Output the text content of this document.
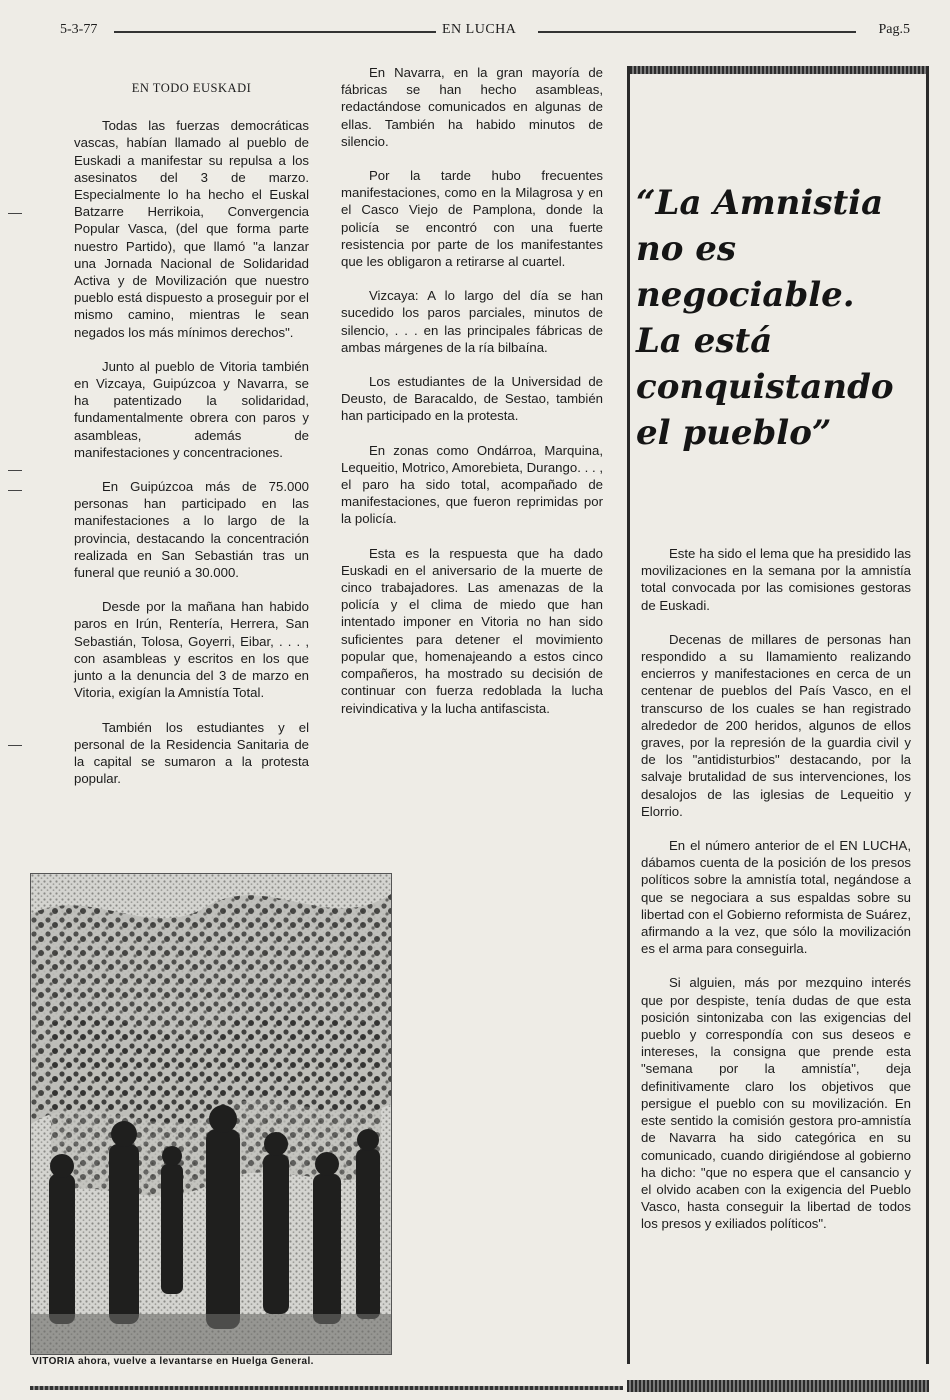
5-3-77	EN LUCHA	Pag.5
EN TODO EUSKADI

Todas las fuerzas democráticas vascas, habían llamado al pueblo de Euskadi a manifestar su repulsa a los asesinatos del 3 de marzo. Especialmente lo ha hecho el Euskal Batzarre Herrikoia, Convergencia Popular Vasca, (del que forma parte nuestro Partido), que llamó "a lanzar una Jornada Nacional de Solidaridad Activa y de Movilización que nuestro pueblo está dispuesto a proseguir por el mismo camino, mientras le sean negados los más mínimos derechos".

Junto al pueblo de Vitoria también en Vizcaya, Guipúzcoa y Navarra, se ha patentizado la solidaridad, fundamentalmente obrera con paros y asambleas, además de manifestaciones y concentraciones.

En Guipúzcoa más de 75.000 personas han participado en las manifestaciones a lo largo de la provincia, destacando la concentración realizada en San Sebastián tras un funeral que reunió a 30.000.

Desde por la mañana han habido paros en Irún, Rentería, Herrera, San Sebastián, Tolosa, Goyerri, Eibar, . . . , con asambleas y escritos en los que junto a la denuncia del 3 de marzo en Vitoria, exigían la Amnistía Total.

También los estudiantes y el personal de la Residencia Sanitaria de la capital se sumaron a la protesta popular.

En Navarra, en la gran mayoría de fábricas se han hecho asambleas, redactándose comunicados en algunas de ellas. También ha habido minutos de silencio.

Por la tarde hubo frecuentes manifestaciones, como en la Milagrosa y en el Casco Viejo de Pamplona, donde la policía se encontró con una fuerte resistencia por parte de los manifestantes que les obligaron a retirarse al cuartel.

Vizcaya: A lo largo del día se han sucedido los paros parciales, minutos de silencio, . . . en las principales fábricas de ambas márgenes de la ría bilbaína.

Los estudiantes de la Universidad de Deusto, de Baracaldo, de Sestao, también han participado en la protesta.

En zonas como Ondárroa, Marquina, Lequeitio, Motrico, Amorebieta, Durango. . . , el paro ha sido total, acompañado de manifestaciones, que fueron reprimidas por la policía.

Esta es la respuesta que ha dado Euskadi en el aniversario de la muerte de cinco trabajadores. Las amenazas de la policía y el clima de miedo que han intentado imponer en Vitoria no han sido suficientes para detener el movimiento popular que, homenajeando a estos cinco compañeros, ha mostrado su decisión de continuar con fuerza redoblada la lucha reivindicativa y la lucha antifascista.

“La Amnistia
no es
negociable.
La está
conquistando
el pueblo”

Este ha sido el lema que ha presidido las movilizaciones en la semana por la amnistía total convocada por las comisiones gestoras de Euskadi.

Decenas de millares de personas han respondido a su llamamiento realizando encierros y manifestaciones en cerca de un centenar de pueblos del País Vasco, en el transcurso de los cuales se han registrado alrededor de 200 heridos, algunos de ellos graves, por la represión de la guardia civil y de los "antidisturbios" destacando, por la salvaje brutalidad de sus intervenciones, los desalojos de las iglesias de Lequeitio y Elorrio.

En el número anterior de el EN LUCHA, dábamos cuenta de la posición de los presos políticos sobre la amnistía total, negándose a que se negociara a sus espaldas sobre su libertad con el Gobierno reformista de Suárez, afirmando a la vez, que sólo la movilización es el arma para conseguirla.

Si alguien, más por mezquino interés que por despiste, tenía dudas de que esta posición sintonizaba con las exigencias del pueblo y correspondía con sus deseos e intereses, la consigna que prende esta "semana por la amnistía", deja definitivamente claro los objetivos que persigue el pueblo con su movilización. En este sentido la comisión gestora pro-amnistía de Navarra ha sido categórica en su comunicado, cuando dirigiéndose al gobierno ha dicho: "que no espera que el cansancio y el olvido acaben con la exigencia del Pueblo Vasco, hasta conseguir la libertad de todos los presos y exiliados políticos".

VITORIA ahora, vuelve a levantarse en Huelga General.
